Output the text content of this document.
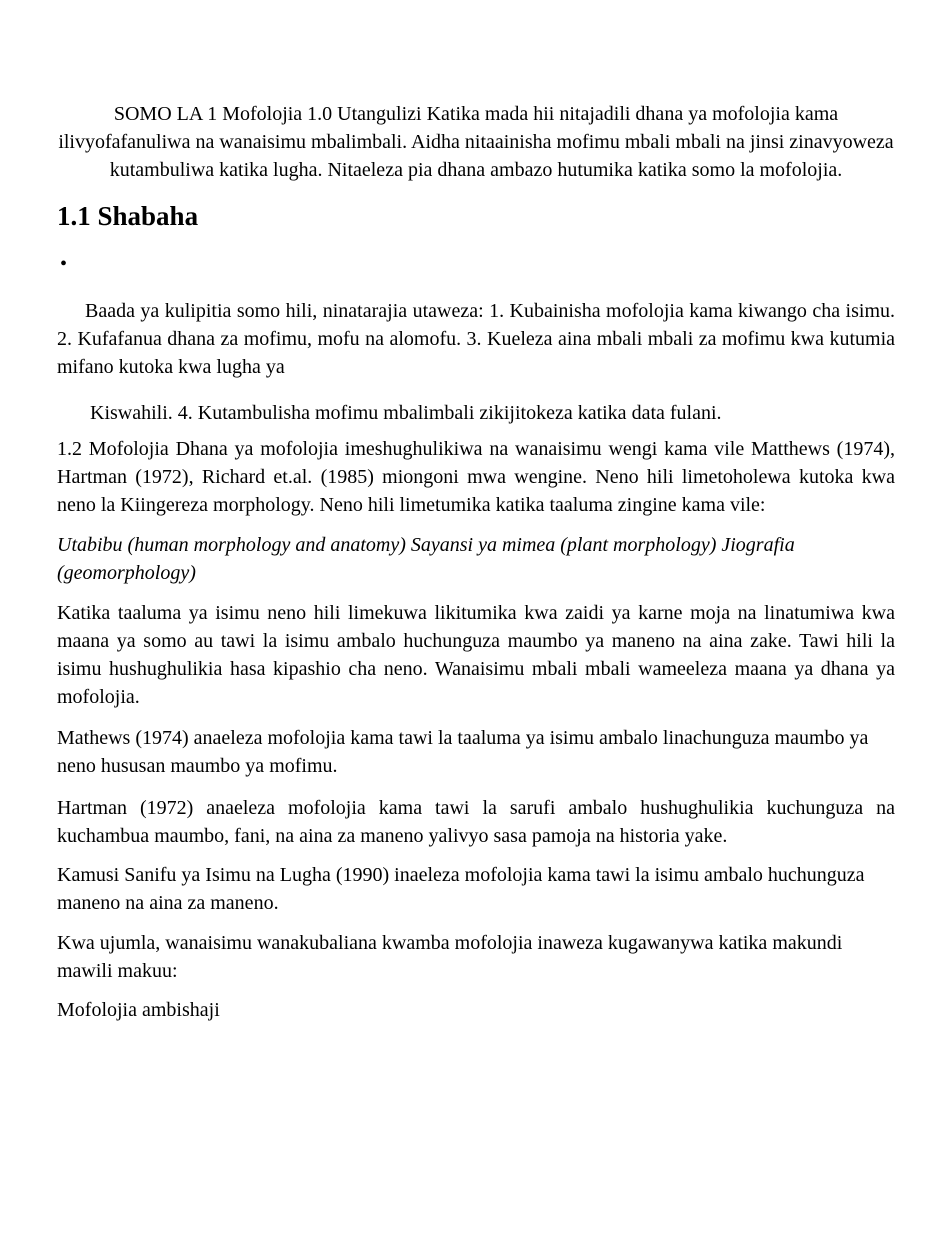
SOMO LA 1 Mofolojia 1.0 Utangulizi Katika mada hii nitajadili dhana ya mofolojia kama ilivyofafanuliwa na wanaisimu mbalimbali. Aidha nitaainisha mofimu mbali mbali na jinsi zinavyoweza kutambuliwa katika lugha. Nitaeleza pia dhana ambazo hutumika katika somo la mofolojia.

1.1 Shabaha
•

Baada ya kulipitia somo hili, ninatarajia utaweza: 1. Kubainisha mofolojia kama kiwango cha isimu. 2. Kufafanua dhana za mofimu, mofu na alomofu. 3. Kueleza aina mbali mbali za mofimu kwa kutumia mifano kutoka kwa lugha ya

Kiswahili. 4. Kutambulisha mofimu mbalimbali zikijitokeza katika data fulani.

1.2 Mofolojia Dhana ya mofolojia imeshughulikiwa na wanaisimu wengi kama vile Matthews (1974), Hartman (1972), Richard et.al. (1985) miongoni mwa wengine. Neno hili limetoholewa kutoka kwa neno la Kiingereza morphology. Neno hili limetumika katika taaluma zingine kama vile:

Utabibu (human morphology and anatomy) Sayansi ya mimea (plant morphology) Jiografia (geomorphology)

Katika taaluma ya isimu neno hili limekuwa likitumika kwa zaidi ya karne moja na linatumiwa kwa maana ya somo au tawi la isimu ambalo huchunguza maumbo ya maneno na aina zake. Tawi hili la isimu hushughulikia hasa kipashio cha neno. Wanaisimu mbali mbali wameeleza maana ya dhana ya mofolojia.

Mathews (1974) anaeleza mofolojia kama tawi la taaluma ya isimu ambalo linachunguza maumbo ya neno hususan maumbo ya mofimu.

Hartman (1972) anaeleza mofolojia kama tawi la sarufi ambalo hushughulikia kuchunguza na kuchambua maumbo, fani, na aina za maneno yalivyo sasa pamoja na historia yake.

Kamusi Sanifu ya Isimu na Lugha (1990) inaeleza mofolojia kama tawi la isimu ambalo huchunguza maneno na aina za maneno.

Kwa ujumla, wanaisimu wanakubaliana kwamba mofolojia inaweza kugawanywa katika makundi mawili makuu:

Mofolojia ambishaji
